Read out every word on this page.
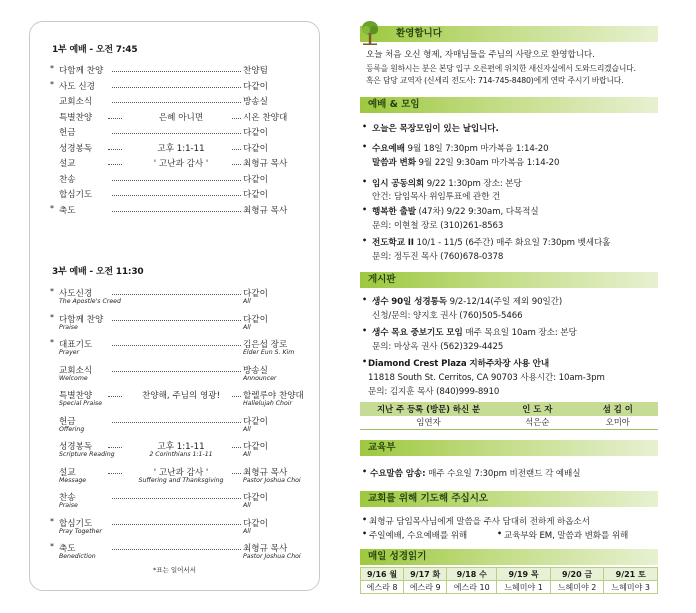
1부 예배 - 오전 7:45
* 다함께 찬양	찬양팀
* 사도 신경	다같이
교회소식	방송실
특별찬양	은혜 아니면	시온 찬양대
헌금	다같이
성경봉독	고후 1:1-11	다같이
설교	' 고난과 감사 '	최형규 목사
찬송	다같이
합심기도	다같이
* 축도	최형규 목사
3부 예배 - 오전 11:30
* 사도신경	다같이
The Apostle's Creed	All
* 다함께 찬양	다같이
Praise	All
* 대표기도	김은섭 장로
Prayer	Elder Eun S. Kim
교회소식	방송실
Welcome	Announcer
특별찬양	찬양해, 주님의 영광!	할렐루야 찬양대
Special Praise	Hallelujah Choir
헌금	다같이
Offering	All
성경봉독	고후 1:1-11	다같이
Scripture Reading	2 Corinthians 1:1-11	All
설교	' 고난과 감사 '	최형규 목사
Message	Suffering and Thanksgiving	Pastor Joshua Choi
찬송	다같이
Praise	All
* 합심기도	다같이
Pray Together	All
* 축도	최형규 목사
Benediction	Pastor Joshua Choi
*표는 일어서서
환영합니다
오늘 처음 오신 형제, 자매님들을 주님의 사랑으로 환영합니다.
등록을 원하시는 분은 본당 입구 오른편에 위치한 새신자실에서 도와드리겠습니다.
혹은 담당 교역자 (신세리 전도사: 714-745-8480)에게 연락 주시기 바랍니다.
예배 & 모임
• 오늘은 목장모임이 있는 날입니다.
• 수요예배 9월 18일 7:30pm 마가복음 1:14-20
말씀과 변화 9월 22일 9:30am 마가복음 1:14-20
• 임시 공동의회 9/22 1:30pm 장소: 본당
안건: 담임목사 위임투표에 관한 건
• 행복한 출발 (47차) 9/22 9:30am, 다목적실
문의: 이현철 장로 (310)261-8563
• 전도학교 II 10/1 - 11/5 (6주간) 매주 화요일 7:30pm 벳세다홀
문의: 정두진 목사 (760)678-0378
게시판
• 생수 90일 성경통독 9/2-12/14(주일 제외 90일간)
신청/문의: 양지호 권사 (760)505-5466
• 생수 목요 중보기도 모임 매주 목요일 10am 장소: 본당
문의: 마상옥 권사 (562)329-4425
• Diamond Crest Plaza 지하주차장 사용 안내
11818 South St. Cerritos, CA 90703 사용시간: 10am-3pm
문의: 김지훈 목사 (840)999-8910
지난 주 등록 (방문) 하신 분	인 도 자	섬 김 이
임연자	석은순	오미아
교육부
• 수요말씀 암송: 매주 수요일 7:30pm 비전랜드 각 예배실
교회를 위해 기도해 주십시오
• 최형규 담임목사님에게 말씀을 주사 담대히 전하게 하옵소서
• 주일예배, 수요예배를 위해	• 교육부와 EM, 말씀과 변화를 위해
매일 성경읽기
9/16 월	9/17 화	9/18 수	9/19 목	9/20 금	9/21 토
에스라 8	에스라 9	에스라 10	느헤미야 1	느헤미야 2	느헤미야 3
